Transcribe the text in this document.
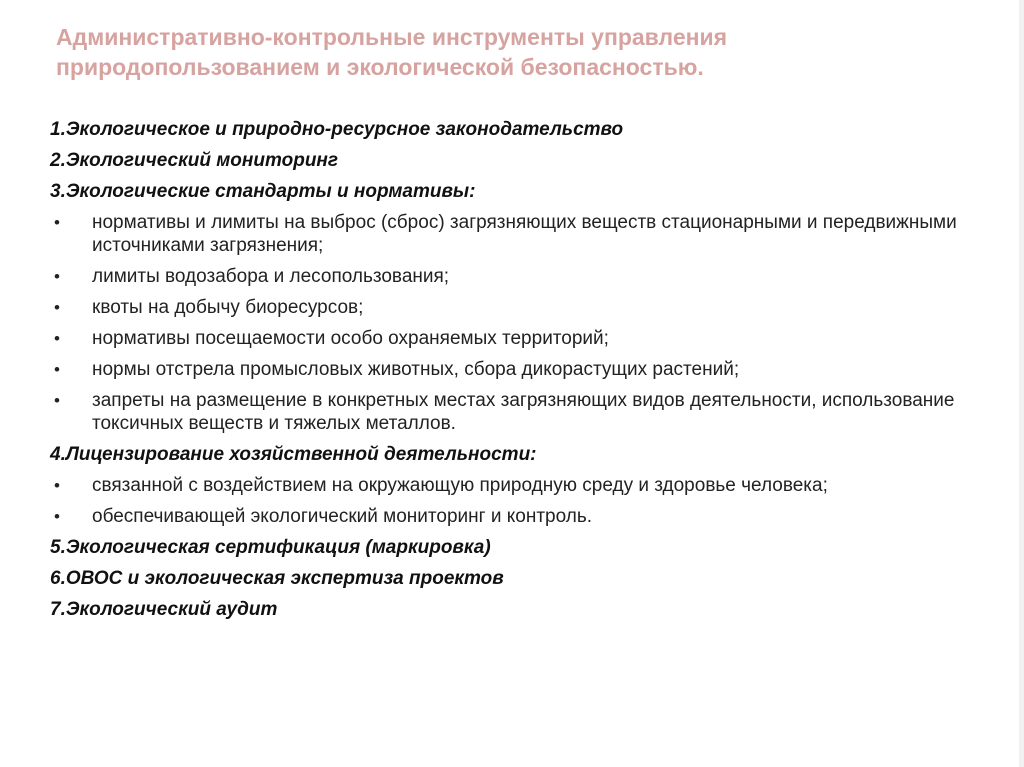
Административно-контрольные инструменты управления
природопользованием и экологической безопасностью.

1.Экологическое и природно-ресурсное законодательство

2.Экологический мониторинг

3.Экологические стандарты и нормативы:

• нормативы и лимиты на выброс (сброс) загрязняющих веществ стационарными и передвижными источниками загрязнения;
• лимиты водозабора и лесопользования;
• квоты на добычу биоресурсов;
• нормативы посещаемости особо охраняемых территорий;
• нормы отстрела промысловых животных, сбора дикорастущих растений;
• запреты на размещение в конкретных местах загрязняющих видов деятельности, использование токсичных веществ и тяжелых металлов.

4.Лицензирование хозяйственной деятельности:

• связанной с воздействием на окружающую природную среду и здоровье человека;
• обеспечивающей экологический мониторинг и контроль.

5.Экологическая сертификация (маркировка)

6.ОВОС и экологическая экспертиза проектов

7.Экологический аудит
